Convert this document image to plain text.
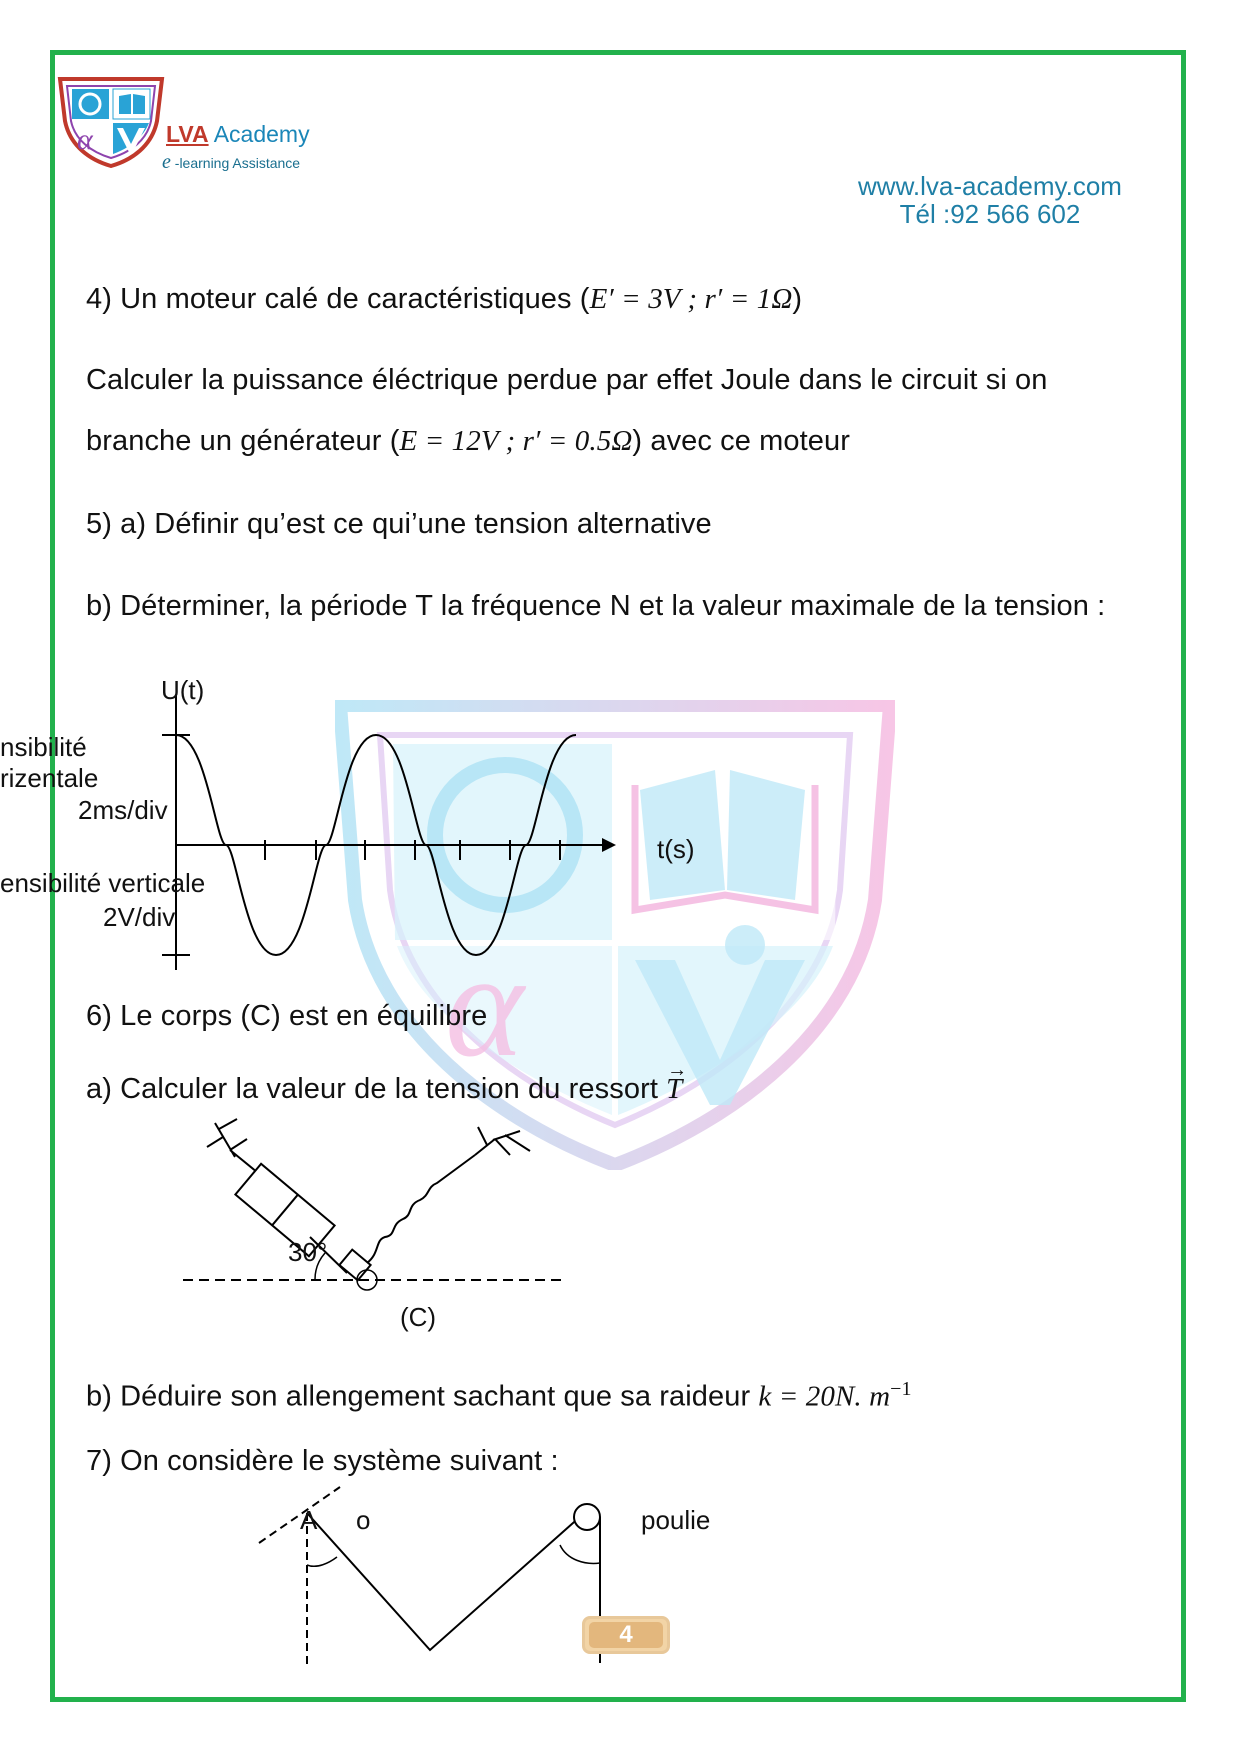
α
α	LVA Academy
e -learning Assistance
www.lva-academy.com
Tél :92 566 602
4) Un moteur calé de caractéristiques (E′ = 3V ; r′ = 1Ω)
Calculer la puissance éléctrique perdue par effet Joule dans le circuit si on
branche un générateur (E = 12V ; r′ = 0.5Ω) avec ce moteur
5) a) Définir qu’est ce qui’une tension alternative
b) Déterminer, la période T la fréquence N et la valeur maximale de la tension :
U(t)
t(s)
nsibilité
rizentale
2ms/div
ensibilité verticale
2V/div
6) Le corps (C) est en équilibre
a) Calculer la valeur de la tension du ressort
→
T
30°
(C)
b) Déduire son allengement sachant que sa raideur k = 20N. $m^{-1}$
7) On considère le système suivant :
A o	poulie
4
